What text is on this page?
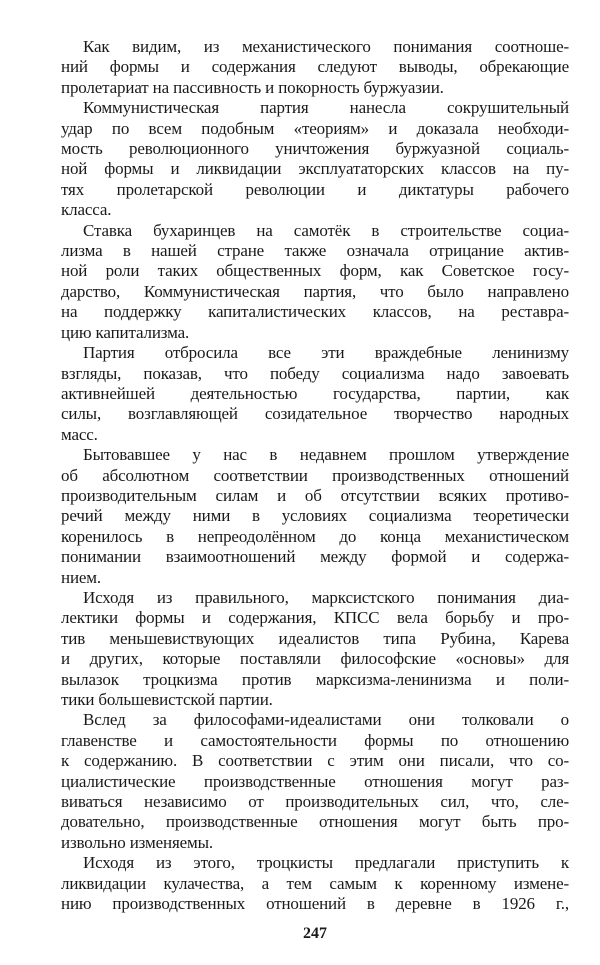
Как видим, из механистического понимания соотноше-
ний формы и содержания следуют выводы, обрекающие
пролетариат на пассивность и покорность буржуазии.
Коммунистическая партия нанесла сокрушительный
удар по всем подобным «теориям» и доказала необходи-
мость революционного уничтожения буржуазной социаль-
ной формы и ликвидации эксплуататорских классов на пу-
тях пролетарской революции и диктатуры рабочего
класса.
Ставка бухаринцев на самотёк в строительстве социа-
лизма в нашей стране также означала отрицание актив-
ной роли таких общественных форм, как Советское госу-
дарство, Коммунистическая партия, что было направлено
на поддержку капиталистических классов, на реставра-
цию капитализма.
Партия отбросила все эти враждебные ленинизму
взгляды, показав, что победу социализма надо завоевать
активнейшей деятельностью государства, партии, как
силы, возглавляющей созидательное творчество народных
масс.
Бытовавшее у нас в недавнем прошлом утверждение
об абсолютном соответствии производственных отношений
производительным силам и об отсутствии всяких противо-
речий между ними в условиях социализма теоретически
коренилось в непреодолённом до конца механистическом
понимании взаимоотношений между формой и содержа-
нием.
Исходя из правильного, марксистского понимания диа-
лектики формы и содержания, КПСС вела борьбу и про-
тив меньшевиствующих идеалистов типа Рубина, Карева
и других, которые поставляли философские «основы» для
вылазок троцкизма против марксизма-ленинизма и поли-
тики большевистской партии.
Вслед за философами-идеалистами они толковали о
главенстве и самостоятельности формы по отношению
к содержанию. В соответствии с этим они писали, что со-
циалистические производственные отношения могут раз-
виваться независимо от производительных сил, что, сле-
довательно, производственные отношения могут быть про-
извольно изменяемы.
Исходя из этого, троцкисты предлагали приступить к
ликвидации кулачества, а тем самым к коренному измене-
нию производственных отношений в деревне в 1926 г.,
247
